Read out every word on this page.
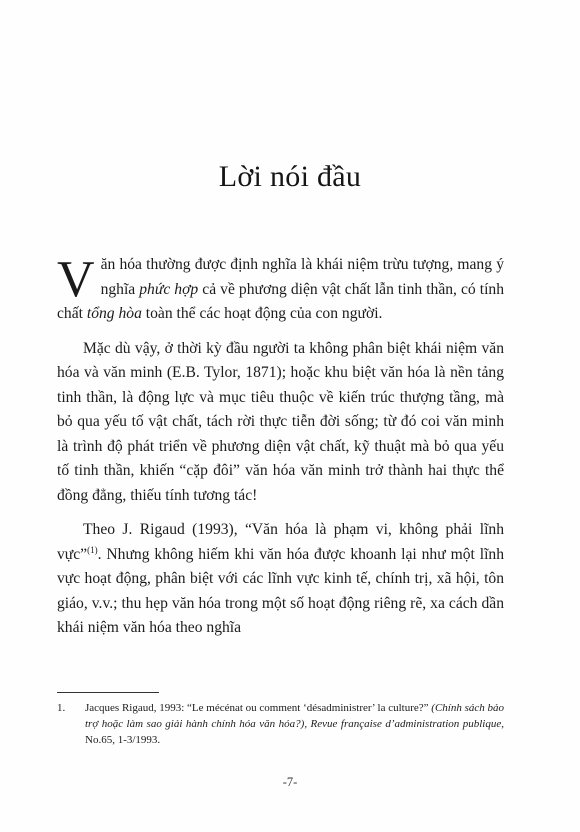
Lời nói đầu

Văn hóa thường được định nghĩa là khái niệm trừu tượng, mang ý nghĩa phức hợp cả về phương diện vật chất lẫn tinh thần, có tính chất tổng hòa toàn thể các hoạt động của con người.

Mặc dù vậy, ở thời kỳ đầu người ta không phân biệt khái niệm văn hóa và văn minh (E.B. Tylor, 1871); hoặc khu biệt văn hóa là nền tảng tinh thần, là động lực và mục tiêu thuộc về kiến trúc thượng tầng, mà bỏ qua yếu tố vật chất, tách rời thực tiễn đời sống; từ đó coi văn minh là trình độ phát triển về phương diện vật chất, kỹ thuật mà bỏ qua yếu tố tinh thần, khiến “cặp đôi” văn hóa văn minh trở thành hai thực thể đồng đẳng, thiếu tính tương tác!

Theo J. Rigaud (1993), “Văn hóa là phạm vi, không phải lĩnh vực”$^{(1)}$. Nhưng không hiếm khi văn hóa được khoanh lại như một lĩnh vực hoạt động, phân biệt với các lĩnh vực kinh tế, chính trị, xã hội, tôn giáo, v.v.; thu hẹp văn hóa trong một số hoạt động riêng rẽ, xa cách dần khái niệm văn hóa theo nghĩa

1.	Jacques Rigaud, 1993: “Le mécénat ou comment ‘désadministrer’ la culture?” (Chính sách bảo trợ hoặc làm sao giải hành chính hóa văn hóa?), Revue française d’administration publique, No.65, 1-3/1993.
-7-
